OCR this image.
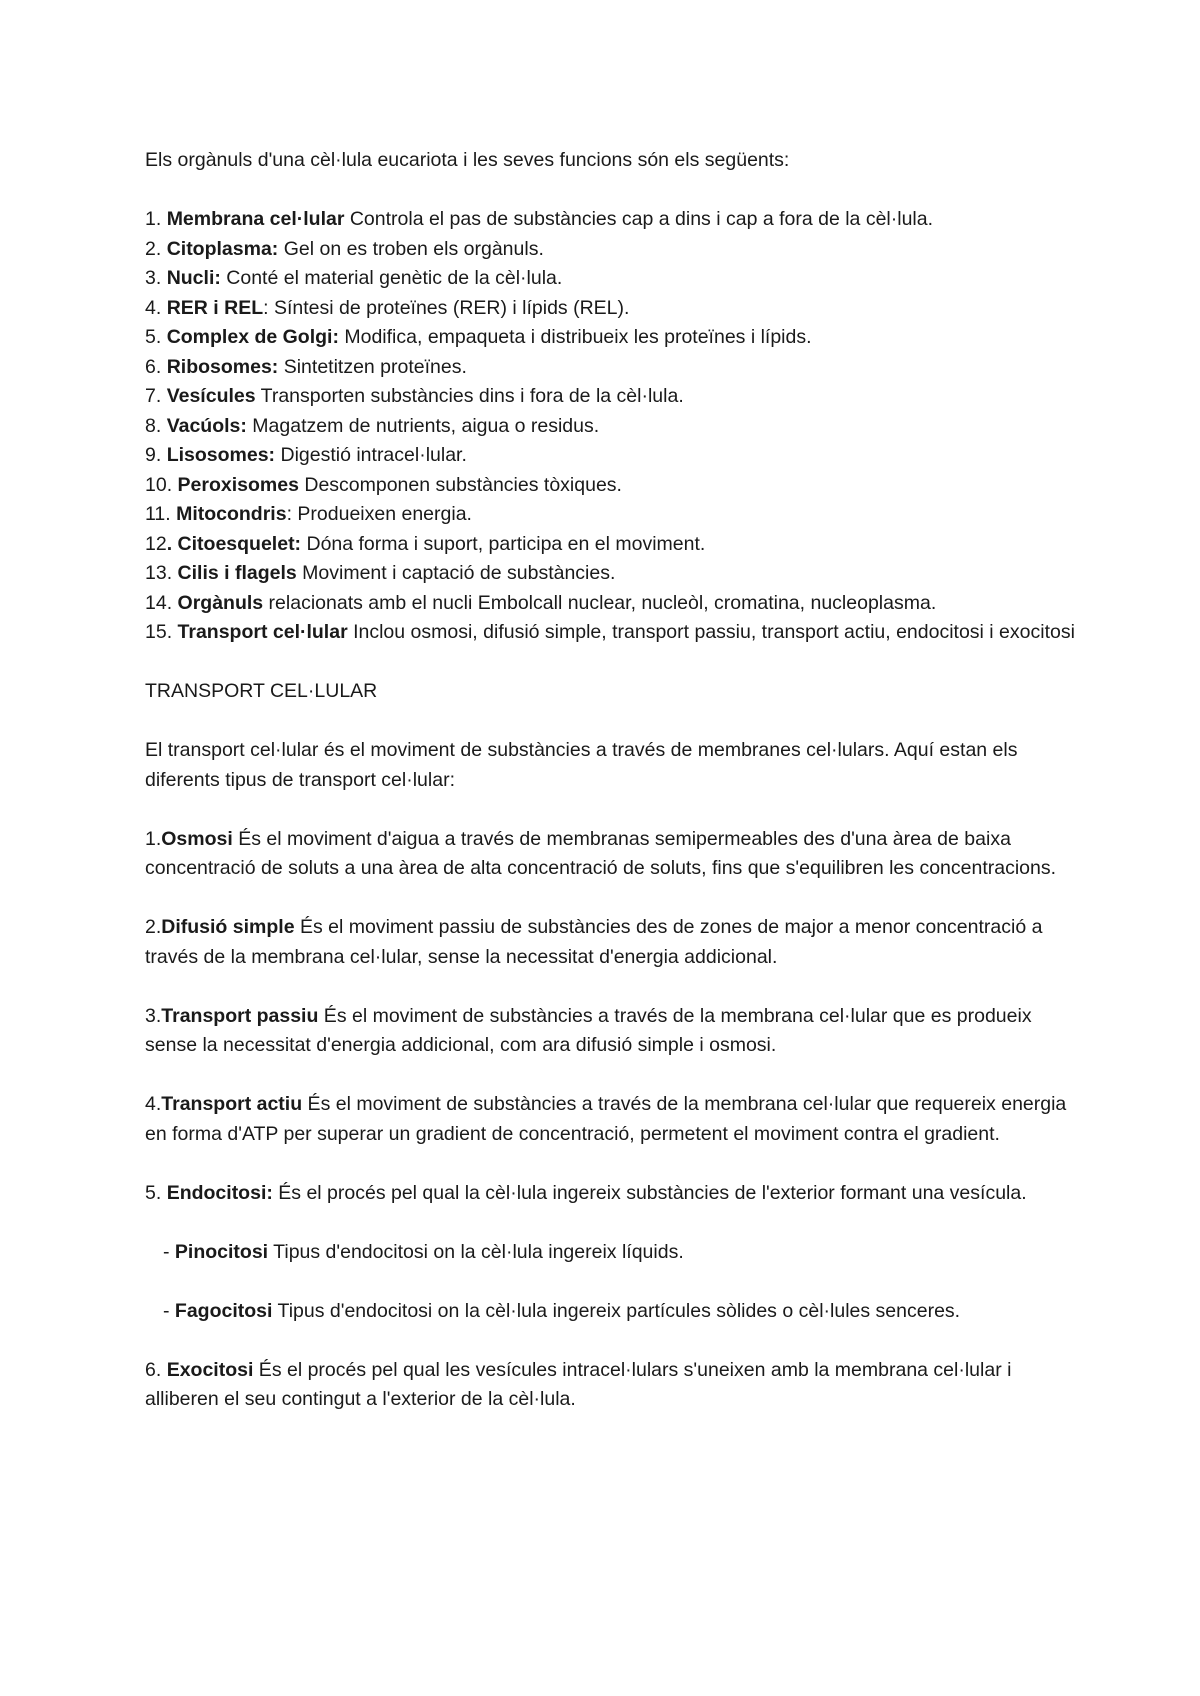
Els orgànuls d'una cèl·lula eucariota i les seves funcions són els següents:
1. Membrana cel·lular Controla el pas de substàncies cap a dins i cap a fora de la cèl·lula.
2. Citoplasma: Gel on es troben els orgànuls.
3. Nucli: Conté el material genètic de la cèl·lula.
4. RER i REL: Síntesi de proteïnes (RER) i lípids (REL).
5. Complex de Golgi: Modifica, empaqueta i distribueix les proteïnes i lípids.
6. Ribosomes: Sintetitzen proteïnes.
7. Vesícules Transporten substàncies dins i fora de la cèl·lula.
8. Vacúols: Magatzem de nutrients, aigua o residus.
9. Lisosomes: Digestió intracel·lular.
10. Peroxisomes Descomponen substàncies tòxiques.
11. Mitocondris: Produeixen energia.
12. Citoesquelet: Dóna forma i suport, participa en el moviment.
13. Cilis i flagels Moviment i captació de substàncies.
14. Orgànuls relacionats amb el nucli Embolcall nuclear, nucleòl, cromatina, nucleoplasma.
15. Transport cel·lular Inclou osmosi, difusió simple, transport passiu, transport actiu, endocitosi i exocitosi
TRANSPORT CEL·LULAR
El transport cel·lular és el moviment de substàncies a través de membranes cel·lulars. Aquí estan els diferents tipus de transport cel·lular:
1.Osmosi És el moviment d'aigua a través de membranas semipermeables des d'una àrea de baixa concentració de soluts a una àrea de alta concentració de soluts, fins que s'equilibren les concentracions.
2.Difusió simple És el moviment passiu de substàncies des de zones de major a menor concentració a través de la membrana cel·lular, sense la necessitat d'energia addicional.
3.Transport passiu És el moviment de substàncies a través de la membrana cel·lular que es produeix sense la necessitat d'energia addicional, com ara difusió simple i osmosi.
4.Transport actiu És el moviment de substàncies a través de la membrana cel·lular que requereix energia en forma d'ATP per superar un gradient de concentració, permetent el moviment contra el gradient.
5. Endocitosi: És el procés pel qual la cèl·lula ingereix substàncies de l'exterior formant una vesícula.
- Pinocitosi Tipus d'endocitosi on la cèl·lula ingereix líquids.
- Fagocitosi Tipus d'endocitosi on la cèl·lula ingereix partícules sòlides o cèl·lules senceres.
6. Exocitosi És el procés pel qual les vesícules intracel·lulars s'uneixen amb la membrana cel·lular i alliberen el seu contingut a l'exterior de la cèl·lula.
